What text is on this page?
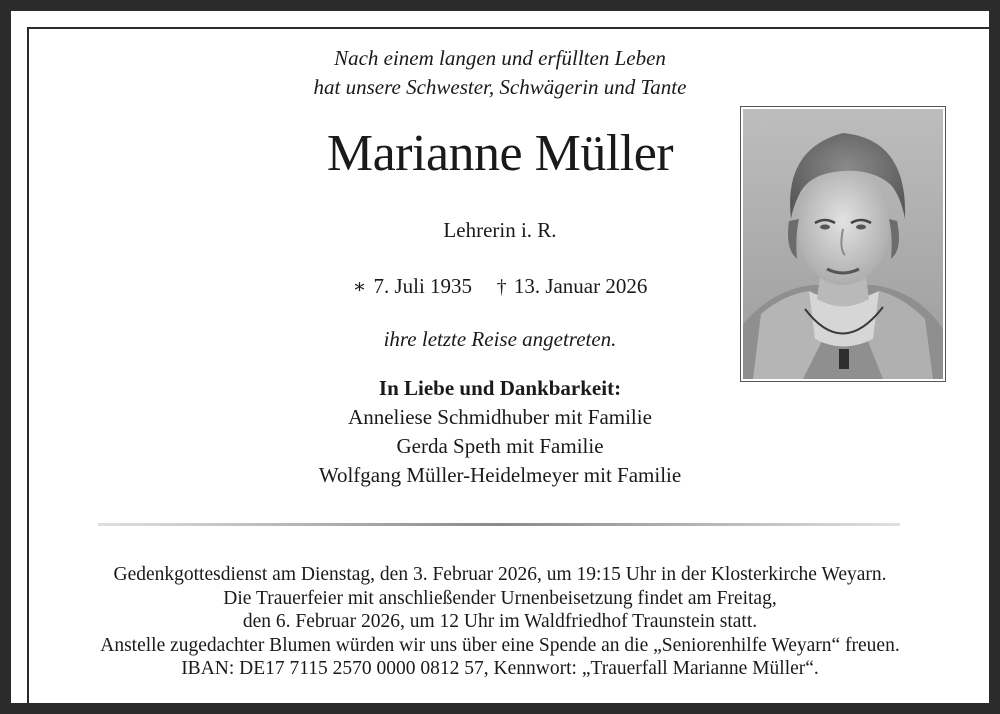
Nach einem langen und erfüllten Leben
hat unsere Schwester, Schwägerin und Tante
Marianne Müller
Lehrerin i. R.
∗ 7. Juli 1935 † 13. Januar 2026
ihre letzte Reise angetreten.
In Liebe und Dankbarkeit:
Anneliese Schmidhuber mit Familie
Gerda Speth mit Familie
Wolfgang Müller-Heidelmeyer mit Familie
Gedenkgottesdienst am Dienstag, den 3. Februar 2026, um 19:15 Uhr in der Klosterkirche Weyarn.
Die Trauerfeier mit anschließender Urnenbeisetzung findet am Freitag,
den 6. Februar 2026, um 12 Uhr im Waldfriedhof Traunstein statt.
Anstelle zugedachter Blumen würden wir uns über eine Spende an die „Seniorenhilfe Weyarn“ freuen.
IBAN: DE17 7115 2570 0000 0812 57, Kennwort: „Trauerfall Marianne Müller“.
